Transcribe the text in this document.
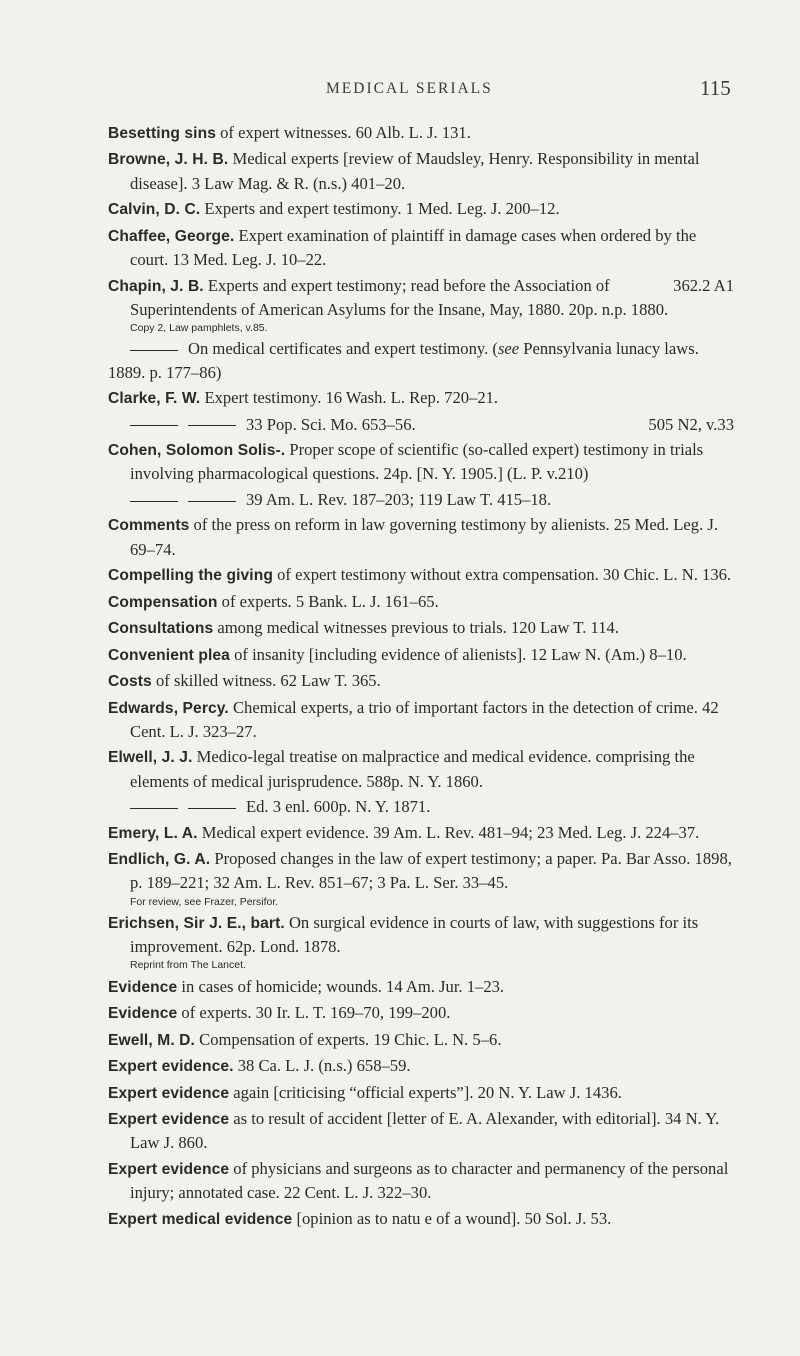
MEDICAL SERIALS	115
Besetting sins of expert witnesses. 60 Alb. L. J. 131.
Browne, J. H. B. Medical experts [review of Maudsley, Henry. Responsibility in mental disease]. 3 Law Mag. & R. (n.s.) 401–20.
Calvin, D. C. Experts and expert testimony. 1 Med. Leg. J. 200–12.
Chaffee, George. Expert examination of plaintiff in damage cases when ordered by the court. 13 Med. Leg. J. 10–22.
Chapin, J. B.	362.2 A1
Experts and expert testimony; read before the Association of Superintendents of American Asylums for the Insane, May, 1880. 20p. n.p. 1880.
Copy 2, Law pamphlets, v.85.
On medical certificates and expert testimony. (see Pennsylvania lunacy laws. 1889. p. 177–86)
Clarke, F. W. Expert testimony. 16 Wash. L. Rep. 720–21.
505 N2, v.33
33 Pop. Sci. Mo. 653–56.
Cohen, Solomon Solis-. Proper scope of scientific (so-called expert) testimony in trials involving pharmacological questions. 24p. [N. Y. 1905.] (L. P. v.210)
39 Am. L. Rev. 187–203; 119 Law T. 415–18.
Comments of the press on reform in law governing testimony by alienists. 25 Med. Leg. J. 69–74.
Compelling the giving of expert testimony without extra compensation. 30 Chic. L. N. 136.
Compensation of experts. 5 Bank. L. J. 161–65.
Consultations among medical witnesses previous to trials. 120 Law T. 114.
Convenient plea of insanity [including evidence of alienists]. 12 Law N. (Am.) 8–10.
Costs of skilled witness. 62 Law T. 365.
Edwards, Percy. Chemical experts, a trio of important factors in the detection of crime. 42 Cent. L. J. 323–27.
Elwell, J. J. Medico-legal treatise on malpractice and medical evidence. comprising the elements of medical jurisprudence. 588p. N. Y. 1860.
Ed. 3 enl. 600p. N. Y. 1871.
Emery, L. A. Medical expert evidence. 39 Am. L. Rev. 481–94; 23 Med. Leg. J. 224–37.
Endlich, G. A. Proposed changes in the law of expert testimony; a paper. Pa. Bar Asso. 1898, p. 189–221; 32 Am. L. Rev. 851–67; 3 Pa. L. Ser. 33–45.
For review, see Frazer, Persifor.
Erichsen, Sir J. E., bart. On surgical evidence in courts of law, with suggestions for its improvement. 62p. Lond. 1878.
Reprint from The Lancet.
Evidence in cases of homicide; wounds. 14 Am. Jur. 1–23.
Evidence of experts. 30 Ir. L. T. 169–70, 199–200.
Ewell, M. D. Compensation of experts. 19 Chic. L. N. 5–6.
Expert evidence. 38 Ca. L. J. (n.s.) 658–59.
Expert evidence again [criticising “official experts”]. 20 N. Y. Law J. 1436.
Expert evidence as to result of accident [letter of E. A. Alexander, with editorial]. 34 N. Y. Law J. 860.
Expert evidence of physicians and surgeons as to character and permanency of the personal injury; annotated case. 22 Cent. L. J. 322–30.
Expert medical evidence [opinion as to natu e of a wound]. 50 Sol. J. 53.
